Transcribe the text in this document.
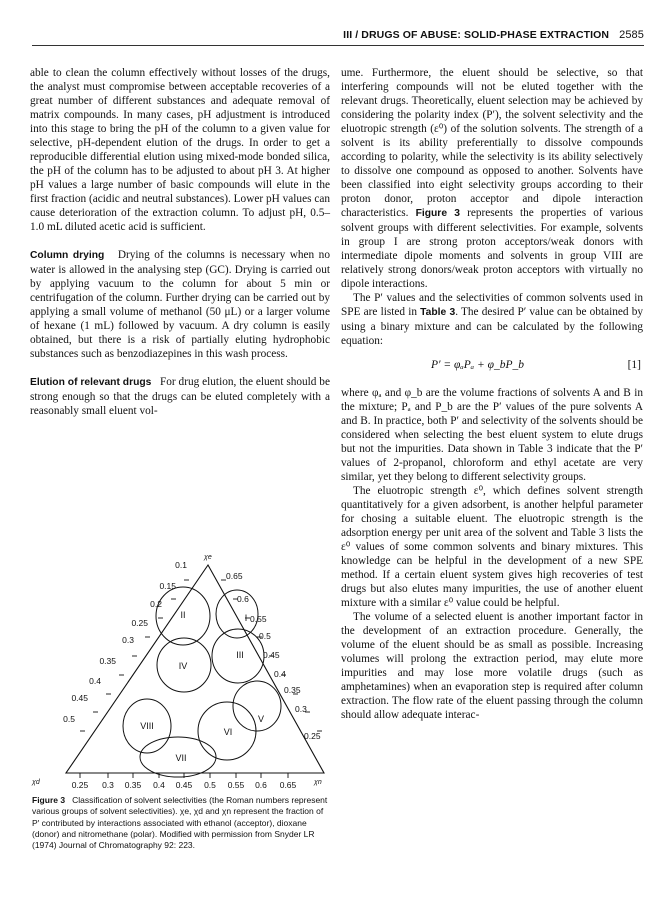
III / DRUGS OF ABUSE: SOLID-PHASE EXTRACTION 2585

able to clean the column effectively without losses of the drugs, the analyst must compromise between acceptable recoveries of a great number of different substances and adequate removal of matrix compounds. In many cases, pH adjustment is introduced into this stage to bring the pH of the column to a given value for selective, pH-dependent elution of the drugs. In order to get a reproducible differential elution using mixed-mode bonded silica, the pH of the column has to be adjusted to about pH 3. At higher pH values a large number of basic compounds will elute in the first fraction (acidic and neutral substances). Lower pH values can cause deterioration of the extraction column. To adjust pH, 0.5–1.0 mL diluted acetic acid is sufficient.

Column drying Drying of the columns is necessary when no water is allowed in the analysing step (GC). Drying is carried out by applying vacuum to the column for about 5 min or centrifugation of the column. Further drying can be carried out by applying a small volume of methanol (50 μL) or a larger volume of hexane (1 mL) followed by vacuum. A dry column is easily obtained, but there is a risk of partially eluting hydrophobic substances such as benzodiazepines in this wash process.

Elution of relevant drugs For drug elution, the eluent should be strong enough so that the drugs can be eluted completely with a reasonably small eluent vol-

I
II
III
IV
V
VI
VII
VIII
0.1
0.15
0.2
0.25
0.3
0.35
0.4
0.45
0.5
0.65
0.6
0.55
0.5
0.45
0.4
0.35
0.3
0.25
0.25 0.3 0.35 0.4 0.45 0.5 0.55 0.6 0.65
χe
χd	χn
Figure 3 Classification of solvent selectivities (the Roman numbers represent various groups of solvent selectivities). χe, χd and χn represent the fraction of P′ contributed by interactions associated with ethanol (acceptor), dioxane (donor) and nitromethane (polar). Modified with permission from Snyder LR (1974) Journal of Chromatography 92: 223.

ume. Furthermore, the eluent should be selective, so that interfering compounds will not be eluted together with the relevant drugs. Theoretically, eluent selection may be achieved by considering the polarity index (P′), the solvent selectivity and the eluotropic strength (ε⁰) of the solution solvents. The strength of a solvent is its ability preferentially to dissolve compounds according to polarity, while the selectivity is its ability selectively to dissolve one compound as opposed to another. Solvents have been classified into eight selectivity groups according to their proton donor, proton acceptor and dipole interaction characteristics. Figure 3 represents the properties of various solvent groups with different selectivities. For example, solvents in group I are strong proton acceptors/weak donors with intermediate dipole moments and solvents in group VIII are relatively strong donors/weak proton acceptors with virtually no dipole interactions.

The P′ values and the selectivities of common solvents used in SPE are listed in Table 3. The desired P′ value can be obtained by using a binary mixture and can be calculated by the following equation:

P′ = φₐPₐ + φ_bP_b	[1]

where φₐ and φ_b are the volume fractions of solvents A and B in the mixture; Pₐ and P_b are the P′ values of the pure solvents A and B. In practice, both P′ and selectivity of the solvents should be considered when selecting the best eluent system to elute drugs but not the impurities. Data shown in Table 3 indicate that the P′ values of 2-propanol, chloroform and ethyl acetate are very similar, yet they belong to different selectivity groups.

The eluotropic strength ε⁰, which defines solvent strength quantitatively for a given adsorbent, is another helpful parameter for chosing a suitable eluent. The eluotropic strength is the adsorption energy per unit area of the solvent and Table 3 lists the ε⁰ values of some common solvents and binary mixtures. This knowledge can be helpful in the development of a new SPE method. If a certain eluent system gives high recoveries of test drugs but also elutes many impurities, the use of another eluent mixture with a similar ε⁰ value could be helpful.

The volume of a selected eluent is another important factor in the development of an extraction procedure. Generally, the volume of the eluent should be as small as possible. Increasing volumes will prolong the extraction period, may elute more impurities and may lose more volatile drugs (such as amphetamines) when an evaporation step is required after column extraction. The flow rate of the eluent passing through the column should allow adequate interac-
